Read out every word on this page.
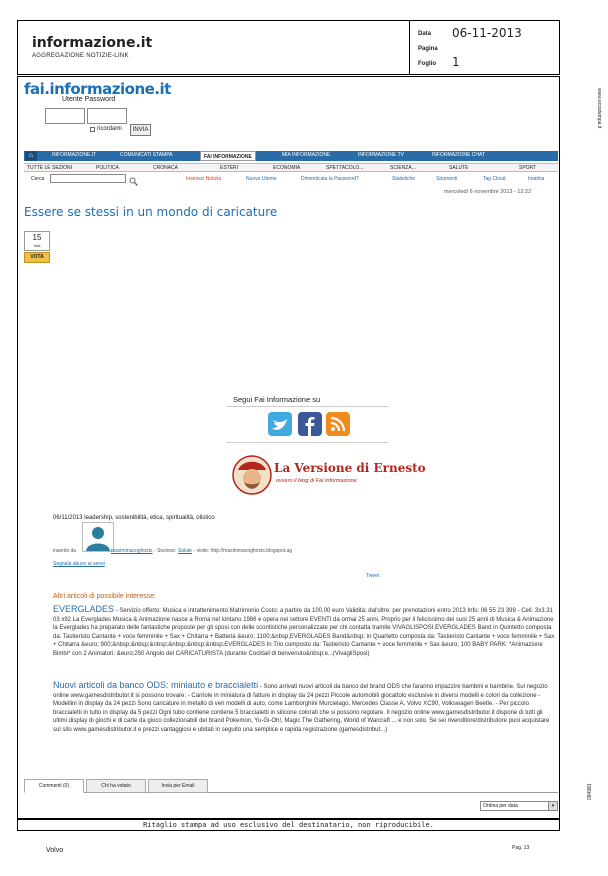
informazione.it
AGGREGAZIONE NOTIZIE-LINK
Data 06-11-2013
Pagina
Foglio 1
www.ecostampa.it
fai.informazione.it
Utente Password
ricordami	INVIA
⌂	INFORMAZIONE.IT	COMUNICATI STAMPA	FAI INFORMAZIONE	MIA INFORMAZIONE	INFORMAZIONE TV	INFORMAZIONE CHAT
TUTTE LE SEZIONI	POLITICA	CRONACA	ESTERI	ECONOMIA	SPETTACOLO...	SCIENZA...	SALUTE	SPORT
Cerca	Inserisci Notizia	Nuovo Utente	Dimenticata la Password?	Statistiche	Strumenti	Tag Cloud	Imatina
mercoledì 6 novembre 2013 - 12:22
Essere se stessi in un mondo di caricature
15
Voti
VOTA
Segui Fai Informazione su
La Versione di Ernesto
ovvero il blog di Fai Informazione
06/11/2013 leadership, sostenibilità, etica, spiritualità, olistico
inserito da	maximmacoghosts - Sezione: Salute - visite: http://maximmacoghosts.blogspot.ag
Segnala abuso ai sensi
Tweet
Altri articoli di possibile interesse:
EVERGLADES - Servizio offerto: Musica e intrattenimento Matrimonio Costo: a partire da 100,00 euro Validità: dal'oltre: per prenotazioni entro 2013 Info: 06 55 23 399 - Cell. 3x3.31 03 x92 La Everglades Musica & Animazione nasce a Roma nel lontano 1986 e opera nei settore EVENTI da ormai 25 anni. Proprio per il felicissimo dei suoi 25 anni di Musica & Animazione la Everglades ha preparato delle fantastiche proposte per gli sposi con delle scontistiche personalizzate per chi contatta tramite VIVAGLISPOSI.EVERGLADES Band in Quintetto composta da: Tastieristo Cantante + voce femminile + Sax + Chitarra + Batteria &euro; 1100;&nbsp;EVERGLADES Band&nbsp; in Quartetto composta da: Tastieristo Cantante + voce femminile + Sax + Chitarra &euro; 900;&nbsp;&nbsp;&nbsp;&nbsp;&nbsp;&nbsp;EVERGLADES In Trio composto da: Tastieristo Cantante + voce femminile + Sax &euro; 100 BABY PARK: *Animazione Bimbi* con 2 Animatori: &euro;250 Angolo del CARICATURISTA (durante Cocktail di benvenuto&nbsp;e...(VivagliSposi)
Nuovi articoli da banco ODS: miniauto e braccialetti - Sono arrivati nuovi articoli da banco del brand ODS che faranno impazzire bambini e bambine. Sul negozio online www.gamesdistributor.it si possono trovare: - Carriole in miniatura di fatture in display da 24 pezzi Piccole automobili giocattolo esclusive in diversi modelli e colori da collezione - Modellini in display da 24 pezzi Sono caricature in metallo di veri modelli di auto, come Lamborghini Murcielago, Mercedes Classe A, Volvo XC90, Volkswagen Beetle. - Per piccolo braccialetti in tutto in display da 5 pezzi Ogni tubo contiene contiene 5 braccialetti in silicone colorati che si possono regolare. Il negozio online www.gamesdistributor.it dispone di tutti gli ultimi display di giochi e di carte da gioco collezionabili del brand Pokemon, Yu-Gi-Oh!, Magic The Gathering, World of Warcraft ... e non solo. Se sei rivenditore/distributore puoi acquistare sul sito www.gamesdistributor.it e prezzi vantaggiosi e ubitati in seguito una semplice e rapida registrazione (gamesdistribut...)
Commenti (0)	Chi ha votato	Invia per Email
Ordina per data	▾
094981
Ritaglio stampa ad uso esclusivo del destinatario, non riproducibile.
Volvo	Pag. 13
